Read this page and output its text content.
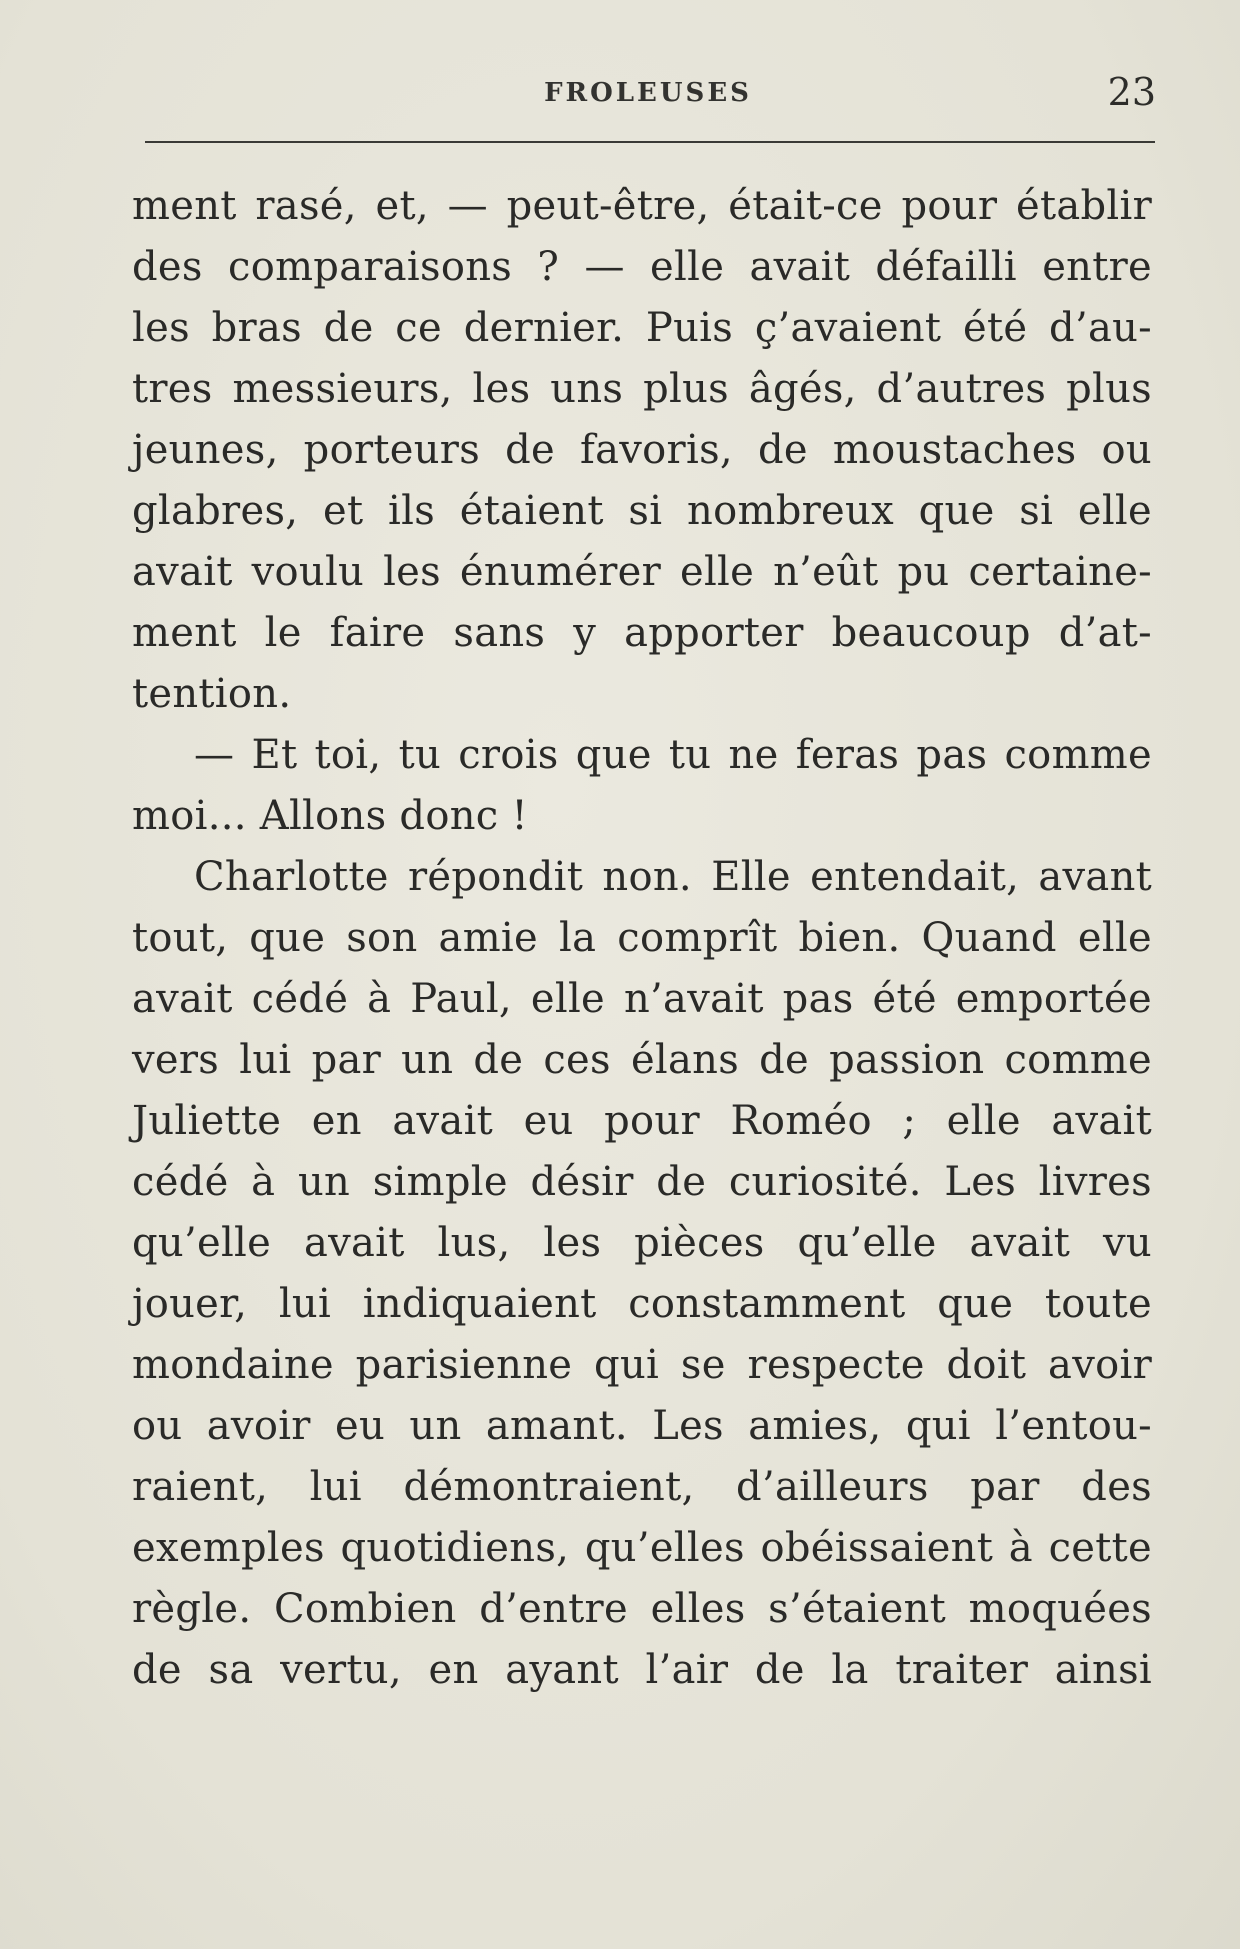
FROLEUSES	23
ment rasé, et, — peut-être, était-ce pour établir
des comparaisons ? — elle avait défailli entre
les bras de ce dernier. Puis ç’avaient été d’au-
tres messieurs, les uns plus âgés, d’autres plus
jeunes, porteurs de favoris, de moustaches ou
glabres, et ils étaient si nombreux que si elle
avait voulu les énumérer elle n’eût pu certaine-
ment le faire sans y apporter beaucoup d’at-
tention.
— Et toi, tu crois que tu ne feras pas comme
moi... Allons donc !
Charlotte répondit non. Elle entendait, avant
tout, que son amie la comprît bien. Quand elle
avait cédé à Paul, elle n’avait pas été emportée
vers lui par un de ces élans de passion comme
Juliette en avait eu pour Roméo ; elle avait
cédé à un simple désir de curiosité. Les livres
qu’elle avait lus, les pièces qu’elle avait vu
jouer, lui indiquaient constamment que toute
mondaine parisienne qui se respecte doit avoir
ou avoir eu un amant. Les amies, qui l’entou-
raient, lui démontraient, d’ailleurs par des
exemples quotidiens, qu’elles obéissaient à cette
règle. Combien d’entre elles s’étaient moquées
de sa vertu, en ayant l’air de la traiter ainsi
